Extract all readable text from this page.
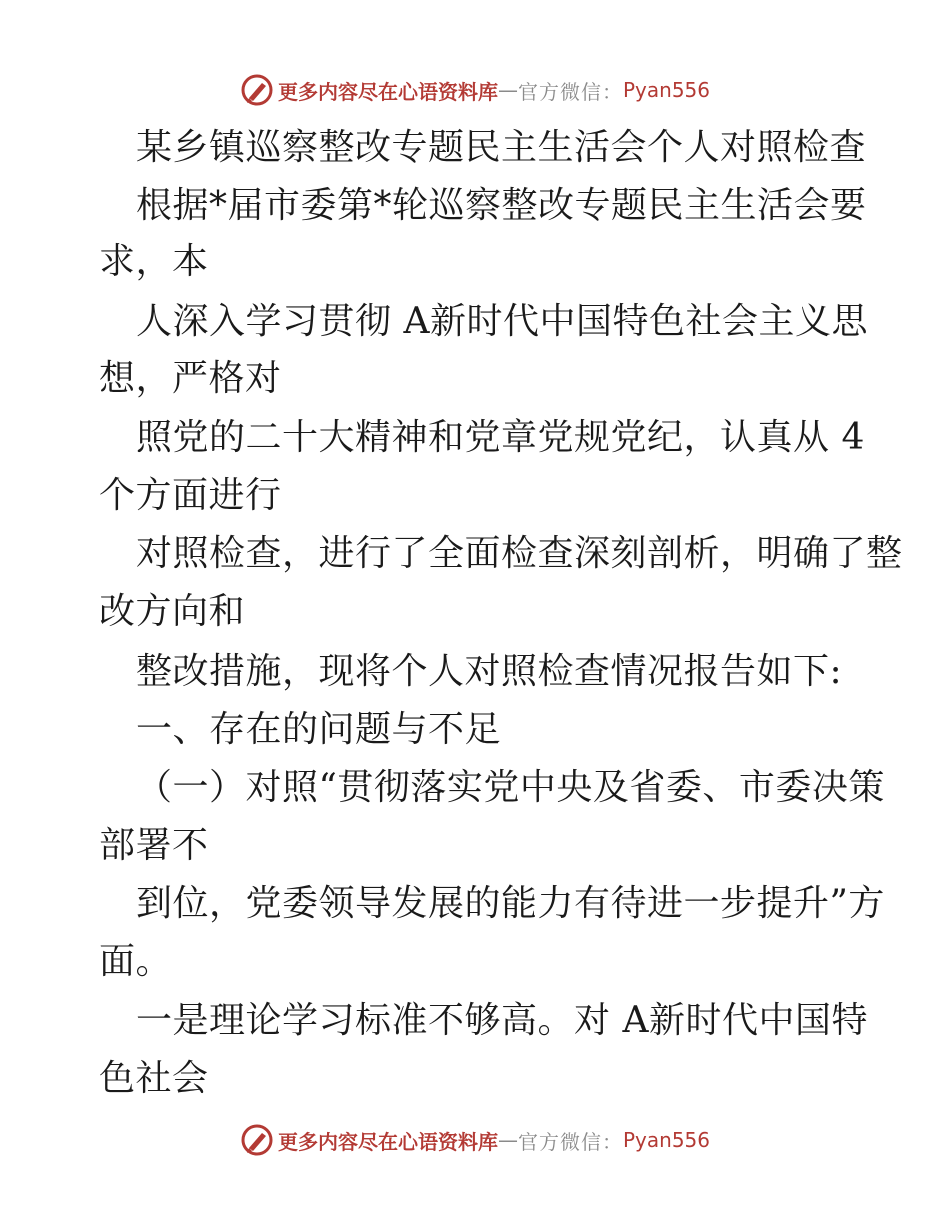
更多内容尽在心语资料库 — 官方微信： Pyan556
某乡镇巡察整改专题民主生活会个人对照检查
根据*届市委第*轮巡察整改专题民主生活会要
求，本
人深入学习贯彻 A新时代中国特色社会主义思
想，严格对
照党的二十大精神和党章党规党纪，认真从 4
个方面进行
对照检查，进行了全面检查深刻剖析，明确了整
改方向和
整改措施，现将个人对照检查情况报告如下:
一、存在的问题与不足
（一）对照“贯彻落实党中央及省委、市委决策
部署不
到位，党委领导发展的能力有待进一步提升”方
面。
一是理论学习标准不够高。对 A新时代中国特
色社会
更多内容尽在心语资料库 — 官方微信： Pyan556
